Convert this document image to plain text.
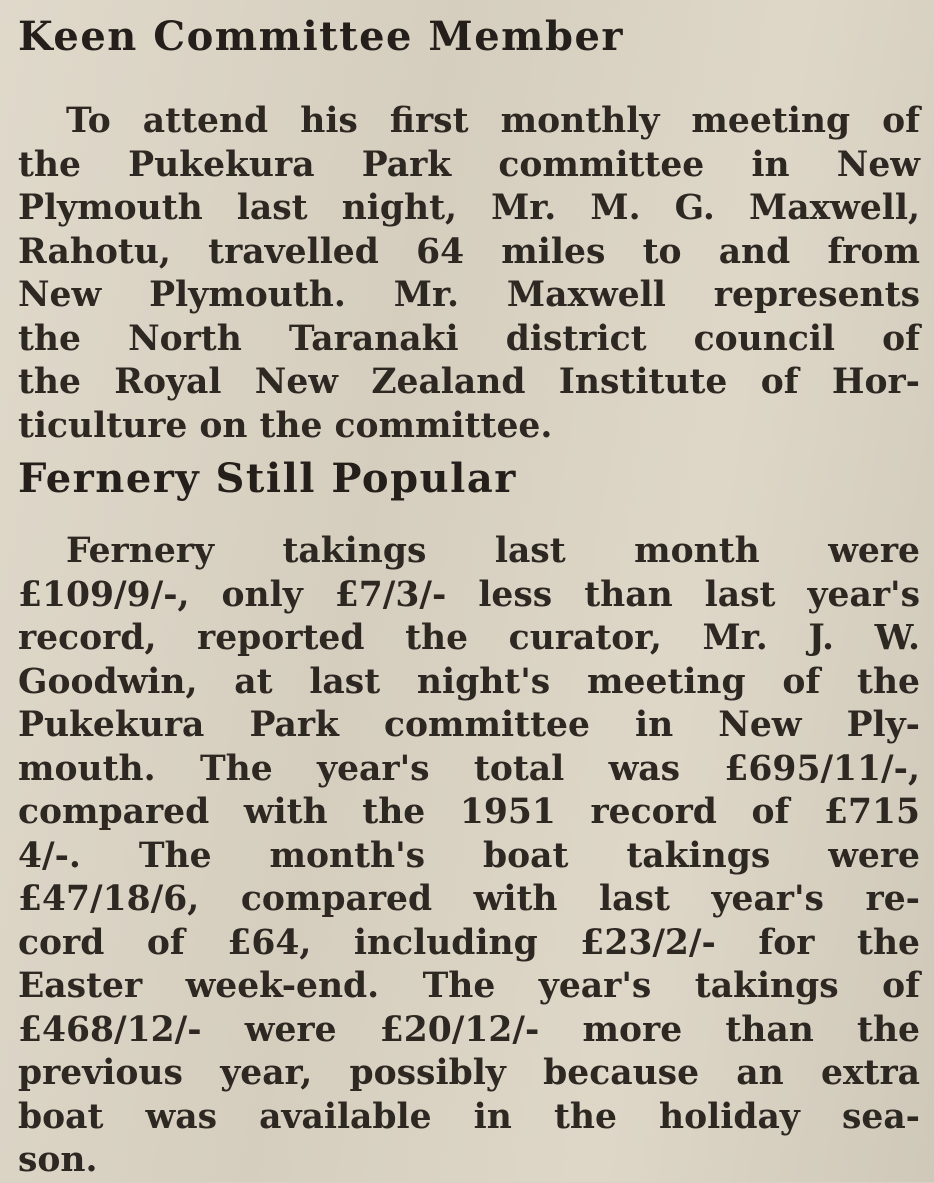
Keen Committee Member
To attend his first monthly meeting of
the Pukekura Park committee in New
Plymouth last night, Mr. M. G. Maxwell,
Rahotu, travelled 64 miles to and from
New Plymouth. Mr. Maxwell represents
the North Taranaki district council of
the Royal New Zealand Institute of Hor-
ticulture on the committee.
Fernery Still Popular
Fernery takings last month were
£109/9/-, only £7/3/- less than last year's
record, reported the curator, Mr. J. W.
Goodwin, at last night's meeting of the
Pukekura Park committee in New Ply-
mouth. The year's total was £695/11/-,
compared with the 1951 record of £715
4/-. The month's boat takings were
£47/18/6, compared with last year's re-
cord of £64, including £23/2/- for the
Easter week-end. The year's takings of
£468/12/- were £20/12/- more than the
previous year, possibly because an extra
boat was available in the holiday sea-
son.
